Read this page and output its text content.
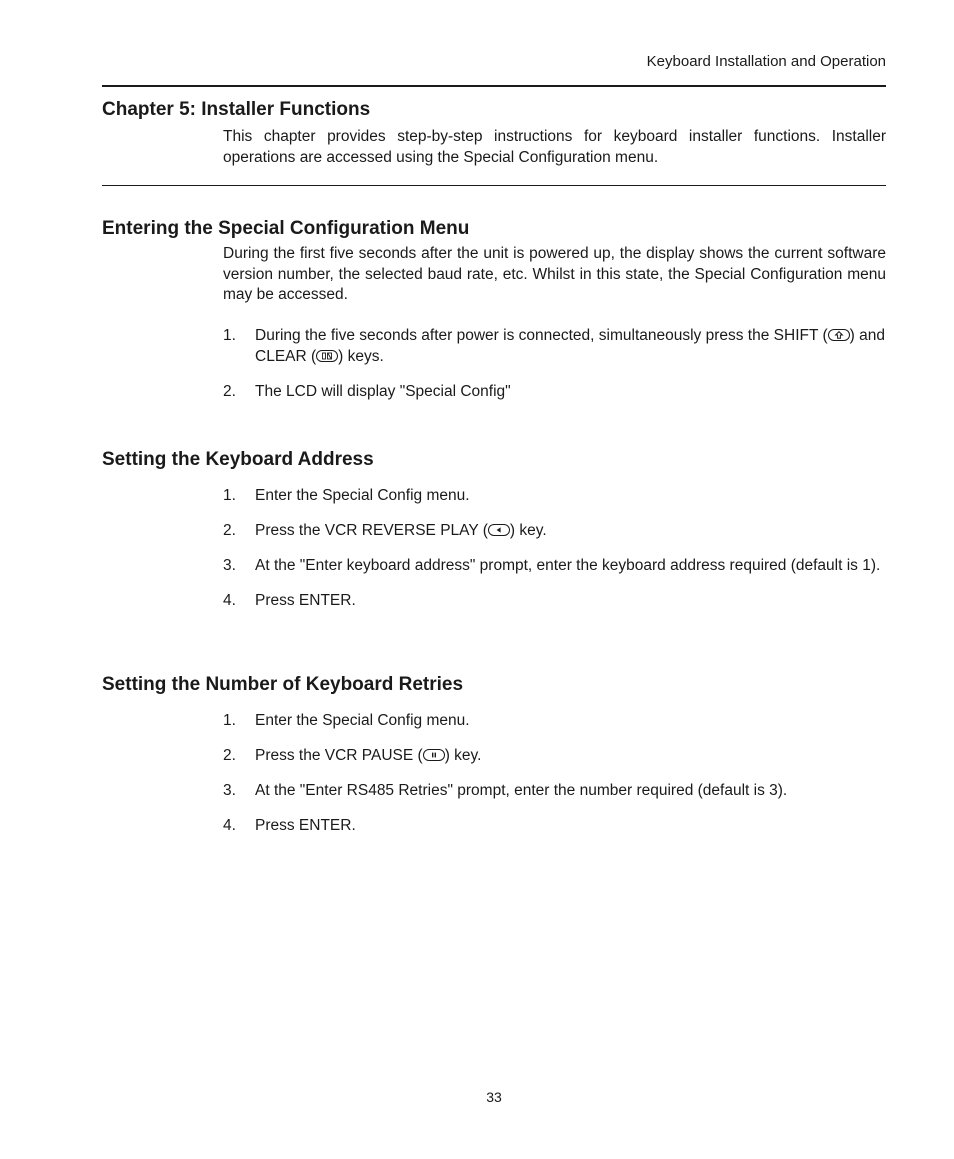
Keyboard Installation and Operation
Chapter 5: Installer Functions

This chapter provides step-by-step instructions for keyboard installer functions. Installer operations are accessed using the Special Configuration menu.

Entering the Special Configuration Menu

During the first five seconds after the unit is powered up, the display shows the current software version number, the selected baud rate, etc. Whilst in this state, the Special Configuration menu may be accessed.

1.	During the five seconds after power is connected, simultaneously press the SHIFT ( ) and CLEAR ( ) keys.
2.	The LCD will display "Special Config"
Setting the Keyboard Address
1.	Enter the Special Config menu.
2.	Press the VCR REVERSE PLAY ( ) key.
3.	At the "Enter keyboard address" prompt, enter the keyboard address required (default is 1).
4.	Press ENTER.
Setting the Number of Keyboard Retries
1.	Enter the Special Config menu.
2.	Press the VCR PAUSE ( ) key.
3.	At the "Enter RS485 Retries" prompt, enter the number required (default is 3).
4.	Press ENTER.
33
